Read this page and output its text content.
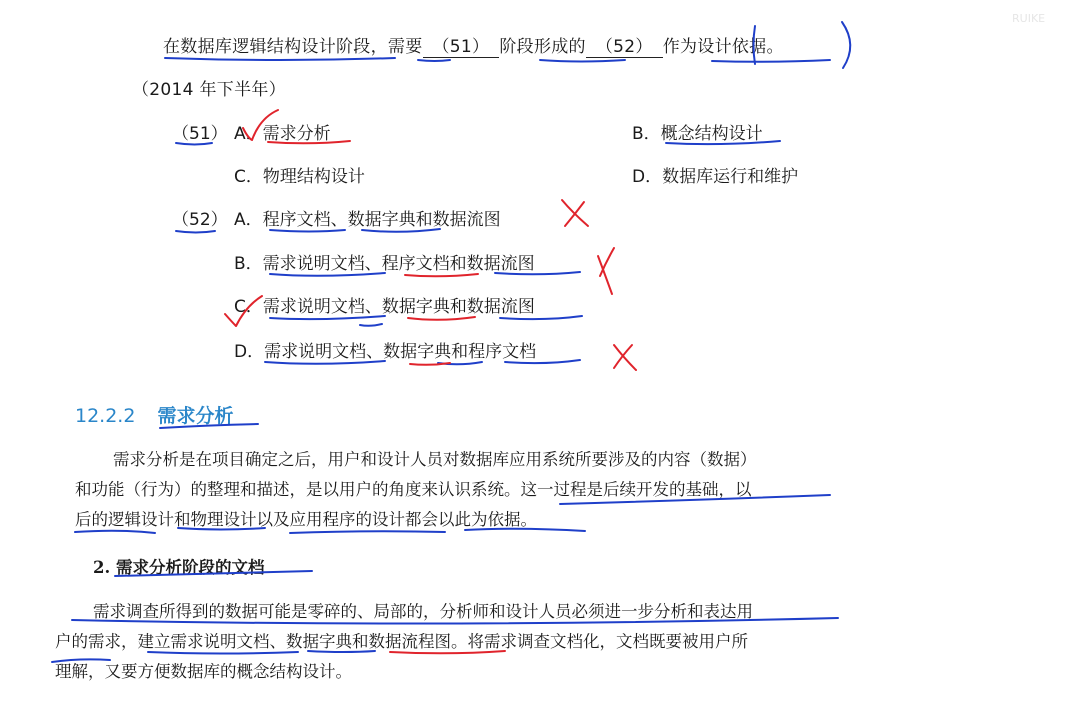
在数据库逻辑结构设计阶段，需要 （51） 阶段形成的 （52） 作为设计依据。
（2014 年下半年）
（51） A．需求分析	B．概念结构设计
C．物理结构设计	D．数据库运行和维护
（52） A．程序文档、数据字典和数据流图
B．需求说明文档、程序文档和数据流图
C．需求说明文档、数据字典和数据流图
D．需求说明文档、数据字典和程序文档
12.2.2 需求分析
需求分析是在项目确定之后，用户和设计人员对数据库应用系统所要涉及的内容（数据）
和功能（行为）的整理和描述，是以用户的角度来认识系统。这一过程是后续开发的基础，以
后的逻辑设计和物理设计以及应用程序的设计都会以此为依据。
2. 需求分析阶段的文档
需求调查所得到的数据可能是零碎的、局部的，分析师和设计人员必须进一步分析和表达用
户的需求，建立需求说明文档、数据字典和数据流程图。将需求调查文档化，文档既要被用户所
理解，又要方便数据库的概念结构设计。
RUIKE
